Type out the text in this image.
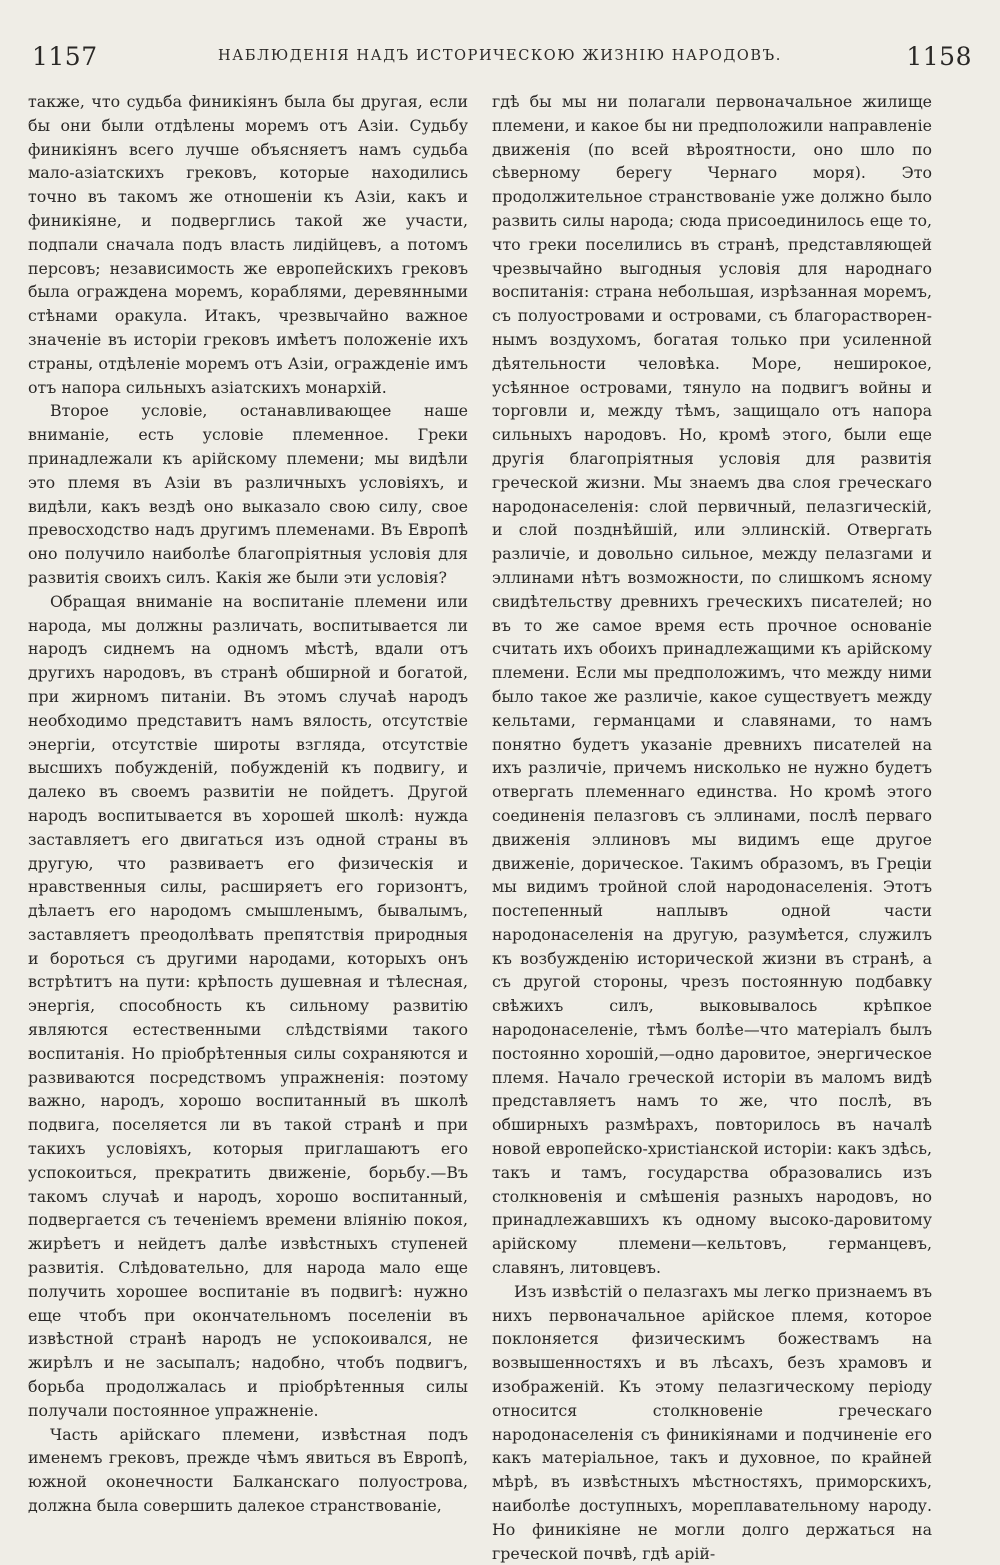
1157	НАБЛЮДЕНІЯ НАДЪ ИСТОРИЧЕСКОЮ ЖИЗНІЮ НАРОДОВЪ.	1158

также, что судьба финикіянъ была бы другая, если бы они были отдѣлены моремъ отъ Азіи. Судьбу финикіянъ всего лучше объясняетъ намъ судьба мало-азіатскихъ грековъ, которые находились точно въ такомъ же отношеніи къ Азіи, какъ и финикіяне, и подверглись такой же участи, подпали сначала подъ власть лидійцевъ, а потомъ персовъ; независимость же европейскихъ грековъ была ограждена моремъ, кораблями, деревянными стѣнами оракула. Итакъ, чрезвычайно важное значеніе въ исторіи грековъ имѣетъ положеніе ихъ страны, отдѣленіе моремъ отъ Азіи, огражденіе имъ отъ напора сильныхъ азіатскихъ монархій.

Второе условіе, останавливающее наше вниманіе, есть условіе племенное. Греки принадлежали къ арійскому племени; мы видѣли это племя въ Азіи въ различныхъ условіяхъ, и видѣли, какъ вездѣ оно выказало свою силу, свое превосходство надъ другимъ племенами. Въ Европѣ оно получило наиболѣе благопріятныя условія для развитія своихъ силъ. Какія же были эти условія?

Обращая вниманіе на воспитаніе племени или народа, мы должны различать, воспитывается ли народъ сиднемъ на одномъ мѣстѣ, вдали отъ другихъ народовъ, въ странѣ обширной и богатой, при жирномъ питаніи. Въ этомъ случаѣ народъ необходимо представитъ намъ вялость, отсутствіе энергіи, отсутствіе широты взгляда, отсутствіе высшихъ побужденій, побужденій къ подвигу, и далеко въ своемъ развитіи не пойдетъ. Другой народъ воспитывается въ хорошей школѣ: нужда заставляетъ его двигаться изъ одной страны въ другую, что развиваетъ его физическія и нравственныя силы, расширяетъ его горизонтъ, дѣлаетъ его народомъ смышленымъ, бывалымъ, заставляетъ преодолѣвать препятствія природныя и бороться съ другими народами, которыхъ онъ встрѣтитъ на пути: крѣпость душевная и тѣлесная, энергія, способность къ сильному развитію являются естественными слѣдствіями такого воспитанія. Но пріобрѣтенныя силы сохраняются и развиваются посредствомъ упражненія: поэтому важно, народъ, хорошо воспитанный въ школѣ подвига, поселяется ли въ такой странѣ и при такихъ условіяхъ, которыя приглашаютъ его успокоиться, прекратить движеніе, борьбу.—Въ такомъ случаѣ и народъ, хорошо воспитанный, подвергается съ теченіемъ времени вліянію покоя, жирѣетъ и нейдетъ далѣе извѣстныхъ ступеней развитія. Слѣдовательно, для народа мало еще получить хорошее воспитаніе въ подвигѣ: нужно еще чтобъ при окончательномъ поселеніи въ извѣстной странѣ народъ не успокоивался, не жирѣлъ и не засыпалъ; надобно, чтобъ подвигъ, борьба продолжалась и пріобрѣтенныя силы получали постоянное упражненіе.

Часть арійскаго племени, извѣстная подъ именемъ грековъ, прежде чѣмъ явиться въ Европѣ, южной оконечности Балканскаго полуострова, должна была совершить далекое странствованіе,

гдѣ бы мы ни полагали первоначальное жилище племени, и какое бы ни предположили направленіе движенія (по всей вѣроятности, оно шло по сѣверному берегу Чернаго моря). Это продолжительное странствованіе уже должно было развить силы народа; сюда присоединилось еще то, что греки поселились въ странѣ, представляющей чрезвычайно выгодныя условія для народнаго воспитанія: страна небольшая, изрѣзанная моремъ, съ полуостровами и островами, съ благораствореннымъ воздухомъ, богатая только при усиленной дѣятельности человѣка. Море, неширокое, усѣянное островами, тянуло на подвигъ войны и торговли и, между тѣмъ, защищало отъ напора сильныхъ народовъ. Но, кромѣ этого, были еще другія благопріятныя условія для развитія греческой жизни. Мы знаемъ два слоя греческаго народонаселенія: слой первичный, пелазгическій, и слой позднѣйшій, или эллинскій. Отвергать различіе, и довольно сильное, между пелазгами и эллинами нѣтъ возможности, по слишкомъ ясному свидѣтельству древнихъ греческихъ писателей; но въ то же самое время есть прочное основаніе считать ихъ обоихъ принадлежащими къ арійскому племени. Если мы предположимъ, что между ними было такое же различіе, какое существуетъ между кельтами, германцами и славянами, то намъ понятно будетъ указаніе древнихъ писателей на ихъ различіе, причемъ нисколько не нужно будетъ отвергать племеннаго единства. Но кромѣ этого соединенія пелазговъ съ эллинами, послѣ перваго движенія эллиновъ мы видимъ еще другое движеніе, дорическое. Такимъ образомъ, въ Греціи мы видимъ тройной слой народонаселенія. Этотъ постепенный наплывъ одной части народонаселенія на другую, разумѣется, служилъ къ возбужденію исторической жизни въ странѣ, а съ другой стороны, чрезъ постоянную подбавку свѣжихъ силъ, выковывалось крѣпкое народонаселеніе, тѣмъ болѣе—что матеріалъ былъ постоянно хорошій,—одно даровитое, энергическое племя. Начало греческой исторіи въ маломъ видѣ представляетъ намъ то же, что послѣ, въ обширныхъ размѣрахъ, повторилось въ началѣ новой европейско-христіанской исторіи: какъ здѣсь, такъ и тамъ, государства образовались изъ столкновенія и смѣшенія разныхъ народовъ, но принадлежавшихъ къ одному высоко-даровитому арійскому племени—кельтовъ, германцевъ, славянъ, литовцевъ.

Изъ извѣстій о пелазгахъ мы легко признаемъ въ нихъ первоначальное арійское племя, которое поклоняется физическимъ божествамъ на возвышенностяхъ и въ лѣсахъ, безъ храмовъ и изображеній. Къ этому пелазгическому періоду относится столкновеніе греческаго народонаселенія съ финикіянами и подчиненіе его какъ матеріальное, такъ и духовное, по крайней мѣрѣ, въ извѣстныхъ мѣстностяхъ, приморскихъ, наиболѣе доступныхъ, мореплавательному народу. Но финикіяне не могли долго держаться на греческой почвѣ, гдѣ арій-
